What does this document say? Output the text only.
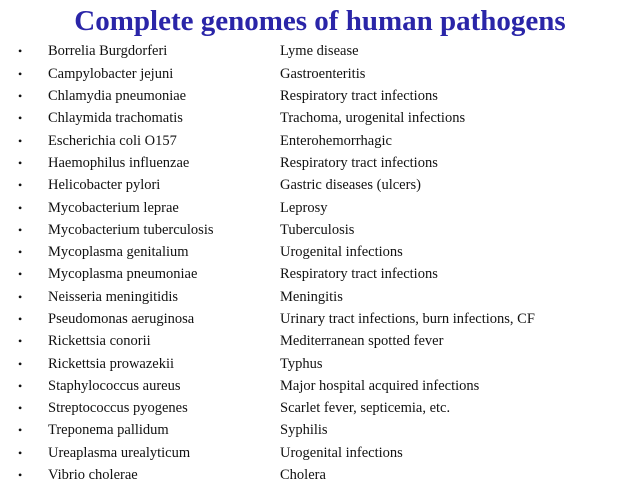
Complete genomes of human pathogens
•	Borrelia Burgdorferi	Lyme disease
•	Campylobacter jejuni	Gastroenteritis
•	Chlamydia pneumoniae	Respiratory tract infections
•	Chlaymida trachomatis	Trachoma, urogenital infections
•	Escherichia coli O157	Enterohemorrhagic
•	Haemophilus influenzae	Respiratory tract infections
•	Helicobacter pylori	Gastric diseases (ulcers)
•	Mycobacterium leprae	Leprosy
•	Mycobacterium tuberculosis	Tuberculosis
•	Mycoplasma genitalium	Urogenital infections
•	Mycoplasma pneumoniae	Respiratory tract infections
•	Neisseria meningitidis	Meningitis
•	Pseudomonas aeruginosa	Urinary tract infections, burn infections, CF
•	Rickettsia conorii	Mediterranean spotted fever
•	Rickettsia prowazekii	Typhus
•	Staphylococcus aureus	Major hospital acquired infections
•	Streptococcus pyogenes	Scarlet fever, septicemia, etc.
•	Treponema pallidum	Syphilis
•	Ureaplasma urealyticum	Urogenital infections
•	Vibrio cholerae	Cholera
